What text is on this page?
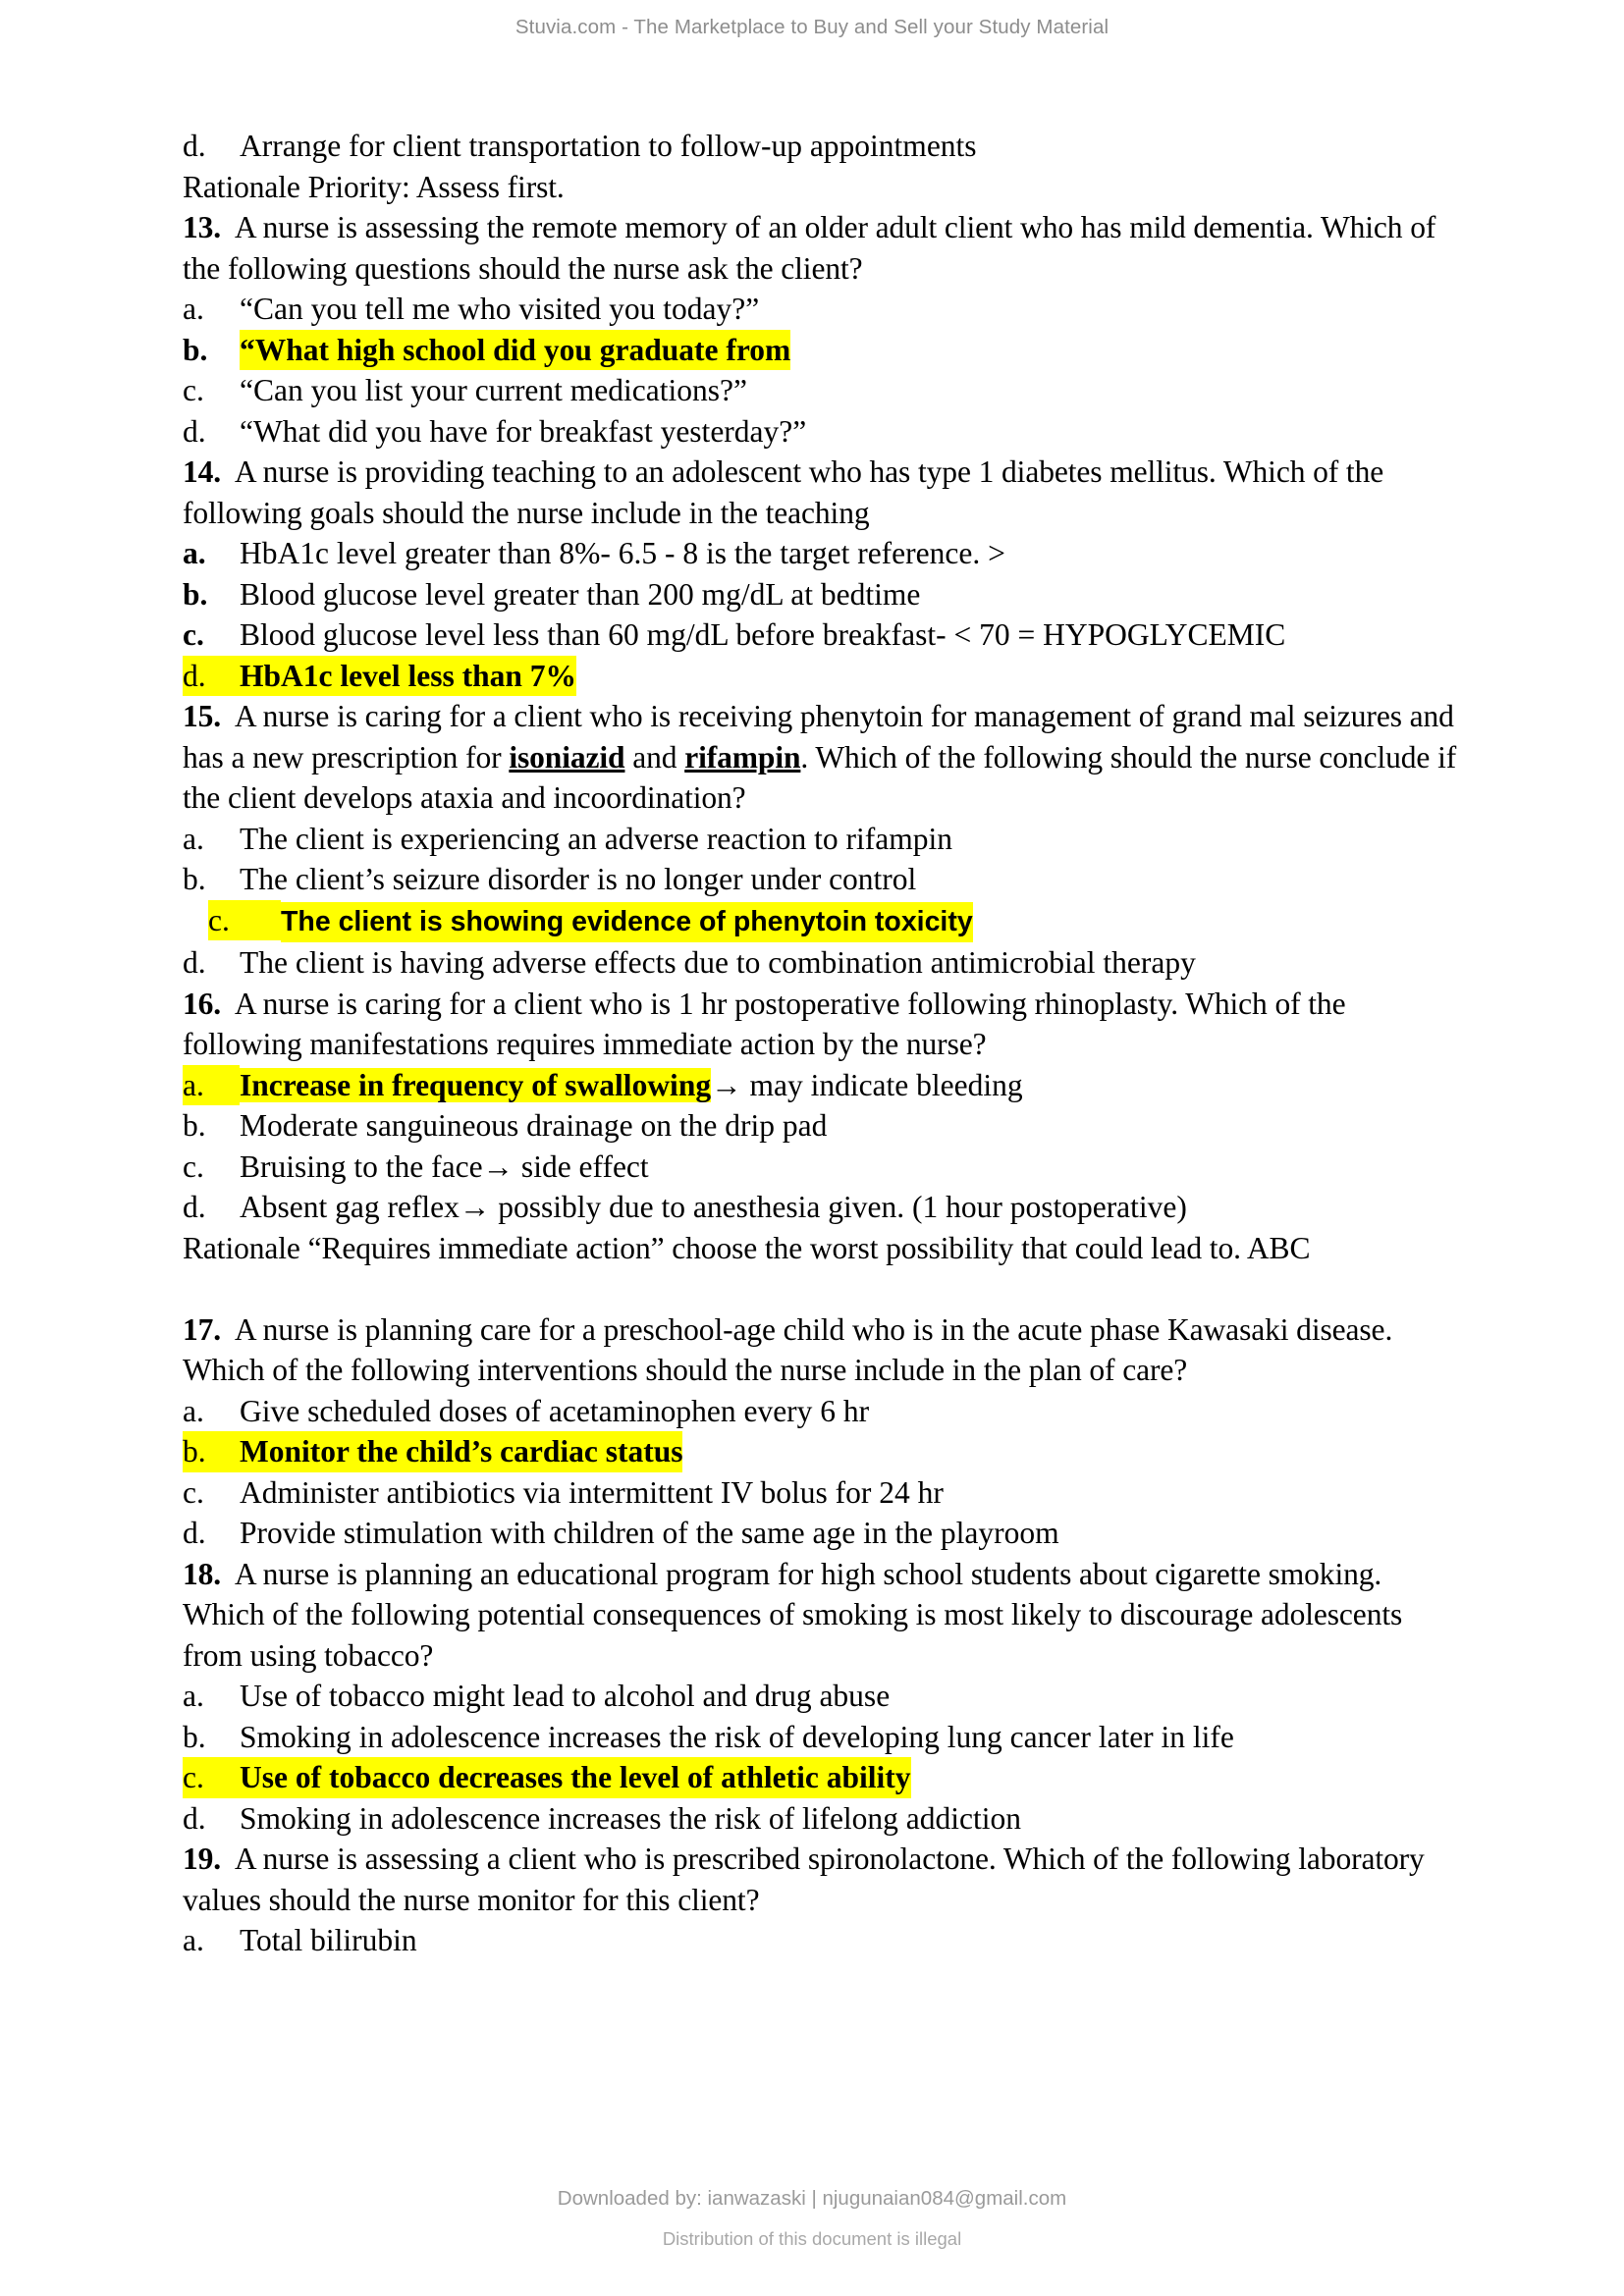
Stuvia.com - The Marketplace to Buy and Sell your Study Material
d.	Arrange for client transportation to follow-up appointments
Rationale Priority: Assess first.
13. A nurse is assessing the remote memory of an older adult client who has mild dementia. Which of the following questions should the nurse ask the client?
a.	“Can you tell me who visited you today?”
b.	“What high school did you graduate from
c.	“Can you list your current medications?”
d.	“What did you have for breakfast yesterday?”
14. A nurse is providing teaching to an adolescent who has type 1 diabetes mellitus. Which of the following goals should the nurse include in the teaching
a.	HbA1c level greater than 8%- 6.5 - 8 is the target reference. >
b.	Blood glucose level greater than 200 mg/dL at bedtime
c.	Blood glucose level less than 60 mg/dL before breakfast- < 70 = HYPOGLYCEMIC
d.	HbA1c level less than 7%
15. A nurse is caring for a client who is receiving phenytoin for management of grand mal seizures and has a new prescription for isoniazid and rifampin. Which of the following should the nurse conclude if the client develops ataxia and incoordination?
a.	The client is experiencing an adverse reaction to rifampin
b.	The client’s seizure disorder is no longer under control
c.	The client is showing evidence of phenytoin toxicity
d.	The client is having adverse effects due to combination antimicrobial therapy
16. A nurse is caring for a client who is 1 hr postoperative following rhinoplasty. Which of the following manifestations requires immediate action by the nurse?
a.	Increase in frequency of swallowing→ may indicate bleeding
b.	Moderate sanguineous drainage on the drip pad
c.	Bruising to the face→ side effect
d.	Absent gag reflex→ possibly due to anesthesia given. (1 hour postoperative)
Rationale “Requires immediate action” choose the worst possibility that could lead to. ABC
17. A nurse is planning care for a preschool-age child who is in the acute phase Kawasaki disease. Which of the following interventions should the nurse include in the plan of care?
a.	Give scheduled doses of acetaminophen every 6 hr
b.	Monitor the child’s cardiac status
c.	Administer antibiotics via intermittent IV bolus for 24 hr
d.	Provide stimulation with children of the same age in the playroom
18. A nurse is planning an educational program for high school students about cigarette smoking. Which of the following potential consequences of smoking is most likely to discourage adolescents from using tobacco?
a.	Use of tobacco might lead to alcohol and drug abuse
b.	Smoking in adolescence increases the risk of developing lung cancer later in life
c.	Use of tobacco decreases the level of athletic ability
d.	Smoking in adolescence increases the risk of lifelong addiction
19. A nurse is assessing a client who is prescribed spironolactone. Which of the following laboratory values should the nurse monitor for this client?
a.	Total bilirubin
Downloaded by: ianwazaski | njugunaian084@gmail.com
Distribution of this document is illegal
